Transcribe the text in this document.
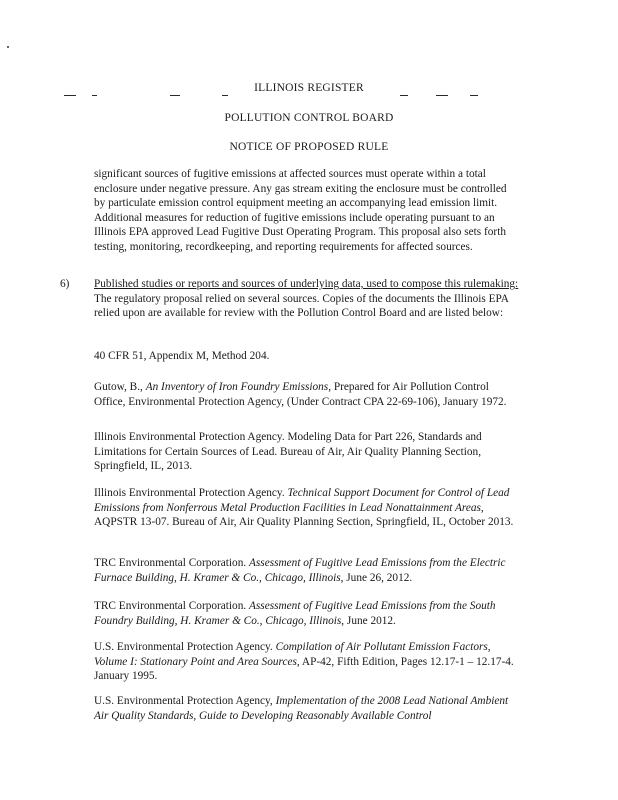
ILLINOIS REGISTER
POLLUTION CONTROL BOARD
NOTICE OF PROPOSED RULE

significant sources of fugitive emissions at affected sources must operate within a total enclosure under negative pressure. Any gas stream exiting the enclosure must be controlled by particulate emission control equipment meeting an accompanying lead emission limit. Additional measures for reduction of fugitive emissions include operating pursuant to an Illinois EPA approved Lead Fugitive Dust Operating Program. This proposal also sets forth testing, monitoring, recordkeeping, and reporting requirements for affected sources.

6) Published studies or reports and sources of underlying data, used to compose this rulemaking: The regulatory proposal relied on several sources. Copies of the documents the Illinois EPA relied upon are available for review with the Pollution Control Board and are listed below:

40 CFR 51, Appendix M, Method 204.

Gutow, B., An Inventory of Iron Foundry Emissions, Prepared for Air Pollution Control Office, Environmental Protection Agency, (Under Contract CPA 22-69-106), January 1972.

Illinois Environmental Protection Agency. Modeling Data for Part 226, Standards and Limitations for Certain Sources of Lead. Bureau of Air, Air Quality Planning Section, Springfield, IL, 2013.

Illinois Environmental Protection Agency. Technical Support Document for Control of Lead Emissions from Nonferrous Metal Production Facilities in Lead Nonattainment Areas, AQPSTR 13-07. Bureau of Air, Air Quality Planning Section, Springfield, IL, October 2013.

TRC Environmental Corporation. Assessment of Fugitive Lead Emissions from the Electric Furnace Building, H. Kramer & Co., Chicago, Illinois, June 26, 2012.

TRC Environmental Corporation. Assessment of Fugitive Lead Emissions from the South Foundry Building, H. Kramer & Co., Chicago, Illinois, June 2012.

U.S. Environmental Protection Agency. Compilation of Air Pollutant Emission Factors, Volume I: Stationary Point and Area Sources, AP-42, Fifth Edition, Pages 12.17-1 – 12.17-4. January 1995.

U.S. Environmental Protection Agency, Implementation of the 2008 Lead National Ambient Air Quality Standards, Guide to Developing Reasonably Available Control
